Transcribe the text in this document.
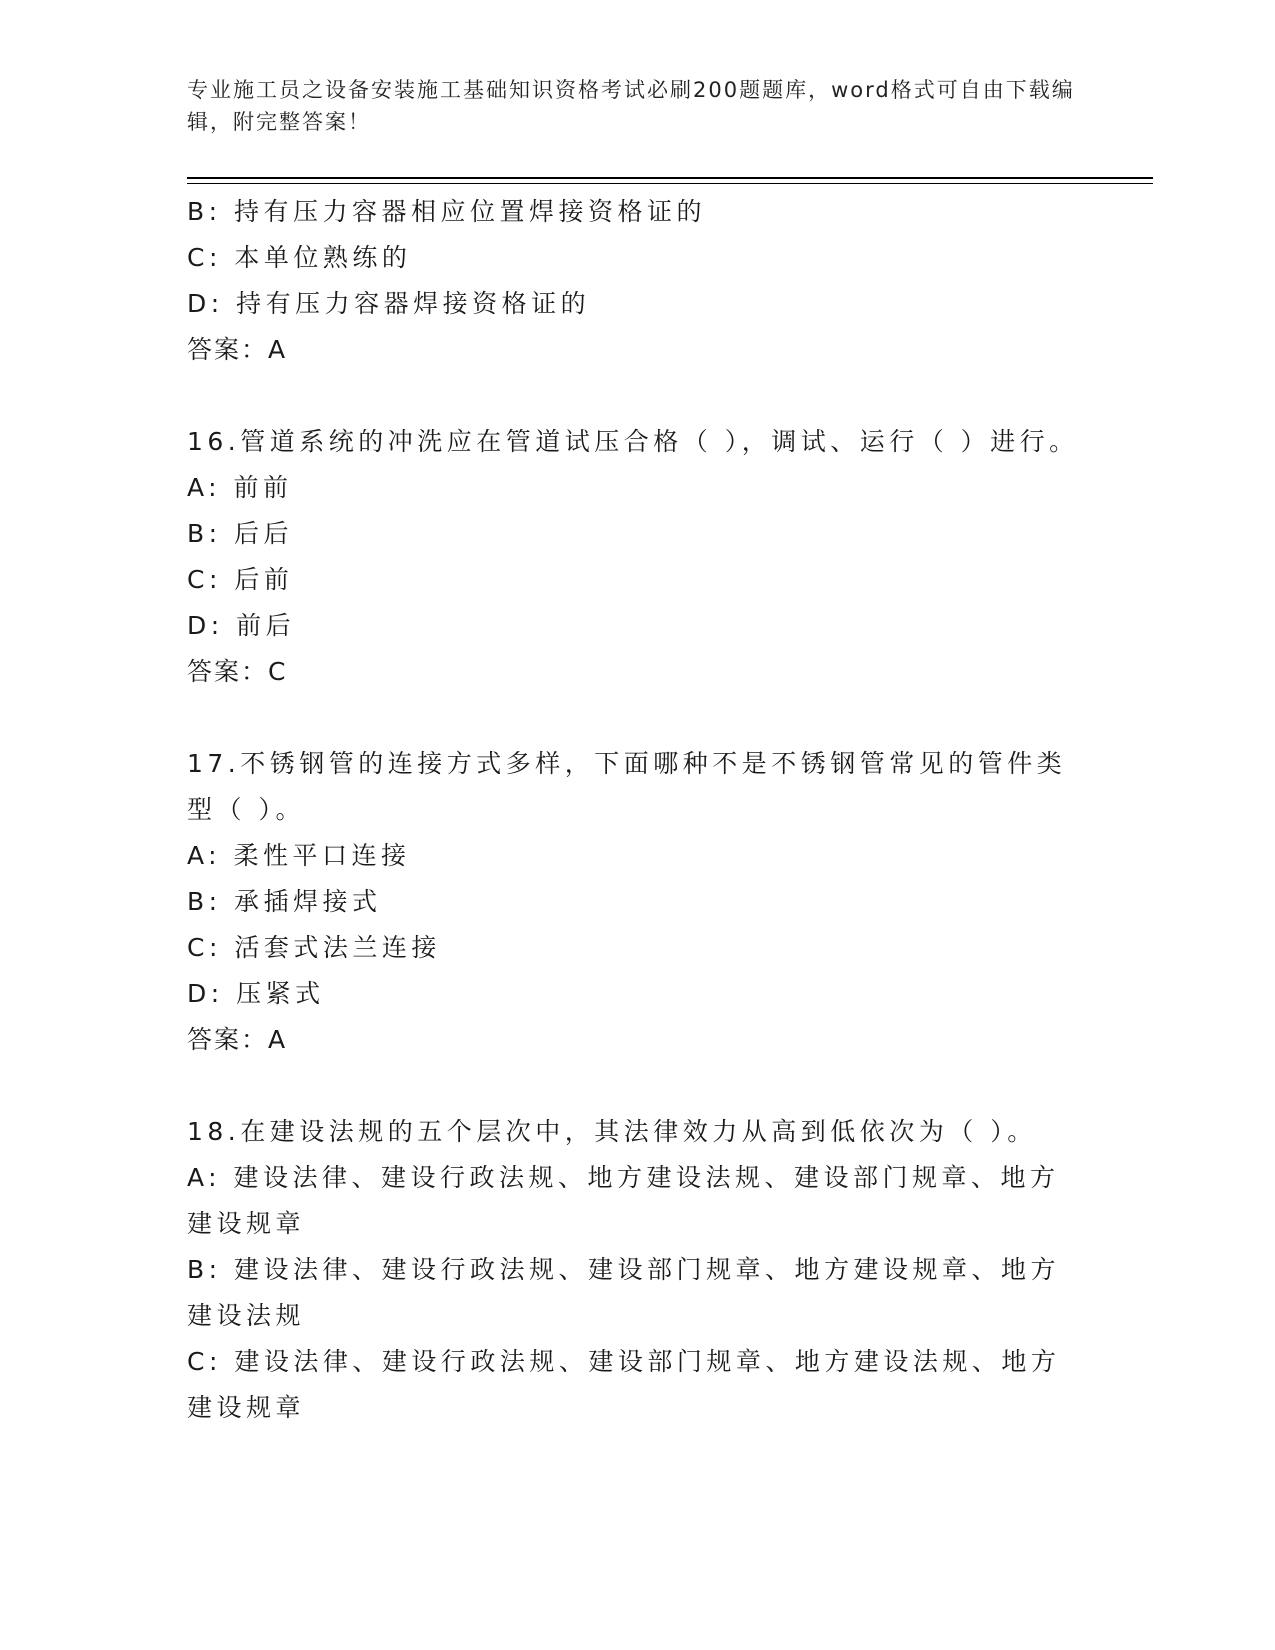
专业施工员之设备安装施工基础知识资格考试必刷200题题库，word格式可自由下载编辑，附完整答案！
B: 持有压力容器相应位置焊接资格证的
C: 本单位熟练的
D: 持有压力容器焊接资格证的
答案：A
16.管道系统的冲洗应在管道试压合格（ ），调试、运行（ ）进行。
A: 前前
B: 后后
C: 后前
D: 前后
答案：C
17.不锈钢管的连接方式多样，下面哪种不是不锈钢管常见的管件类型（ ）。
A: 柔性平口连接
B: 承插焊接式
C: 活套式法兰连接
D: 压紧式
答案：A
18.在建设法规的五个层次中，其法律效力从高到低依次为（ ）。
A: 建设法律、建设行政法规、地方建设法规、建设部门规章、地方建设规章
B: 建设法律、建设行政法规、建设部门规章、地方建设规章、地方建设法规
C: 建设法律、建设行政法规、建设部门规章、地方建设法规、地方建设规章
